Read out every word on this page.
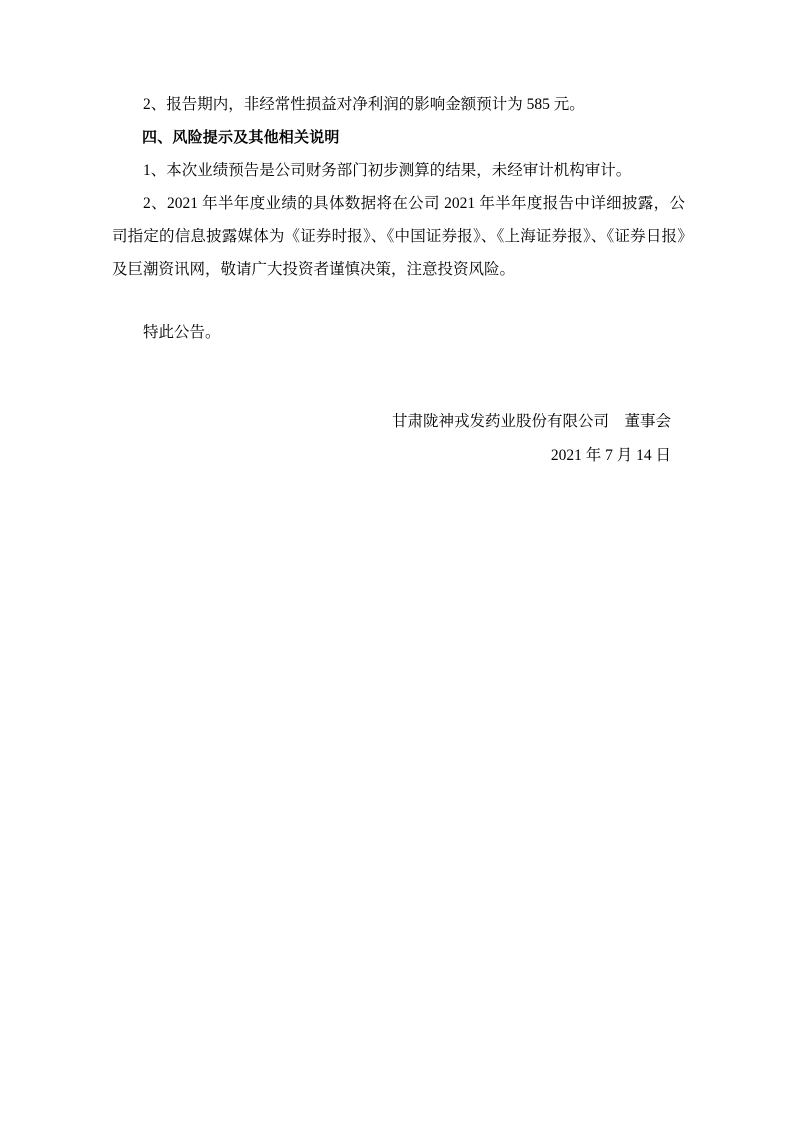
2、报告期内，非经常性损益对净利润的影响金额预计为 585 元。

四、风险提示及其他相关说明

1、本次业绩预告是公司财务部门初步测算的结果，未经审计机构审计。

2、2021 年半年度业绩的具体数据将在公司 2021 年半年度报告中详细披露，公司指定的信息披露媒体为《证券时报》、《中国证券报》、《上海证券报》、《证券日报》及巨潮资讯网，敬请广大投资者谨慎决策，注意投资风险。

特此公告。

甘肃陇神戎发药业股份有限公司　董事会
2021 年 7 月 14 日
